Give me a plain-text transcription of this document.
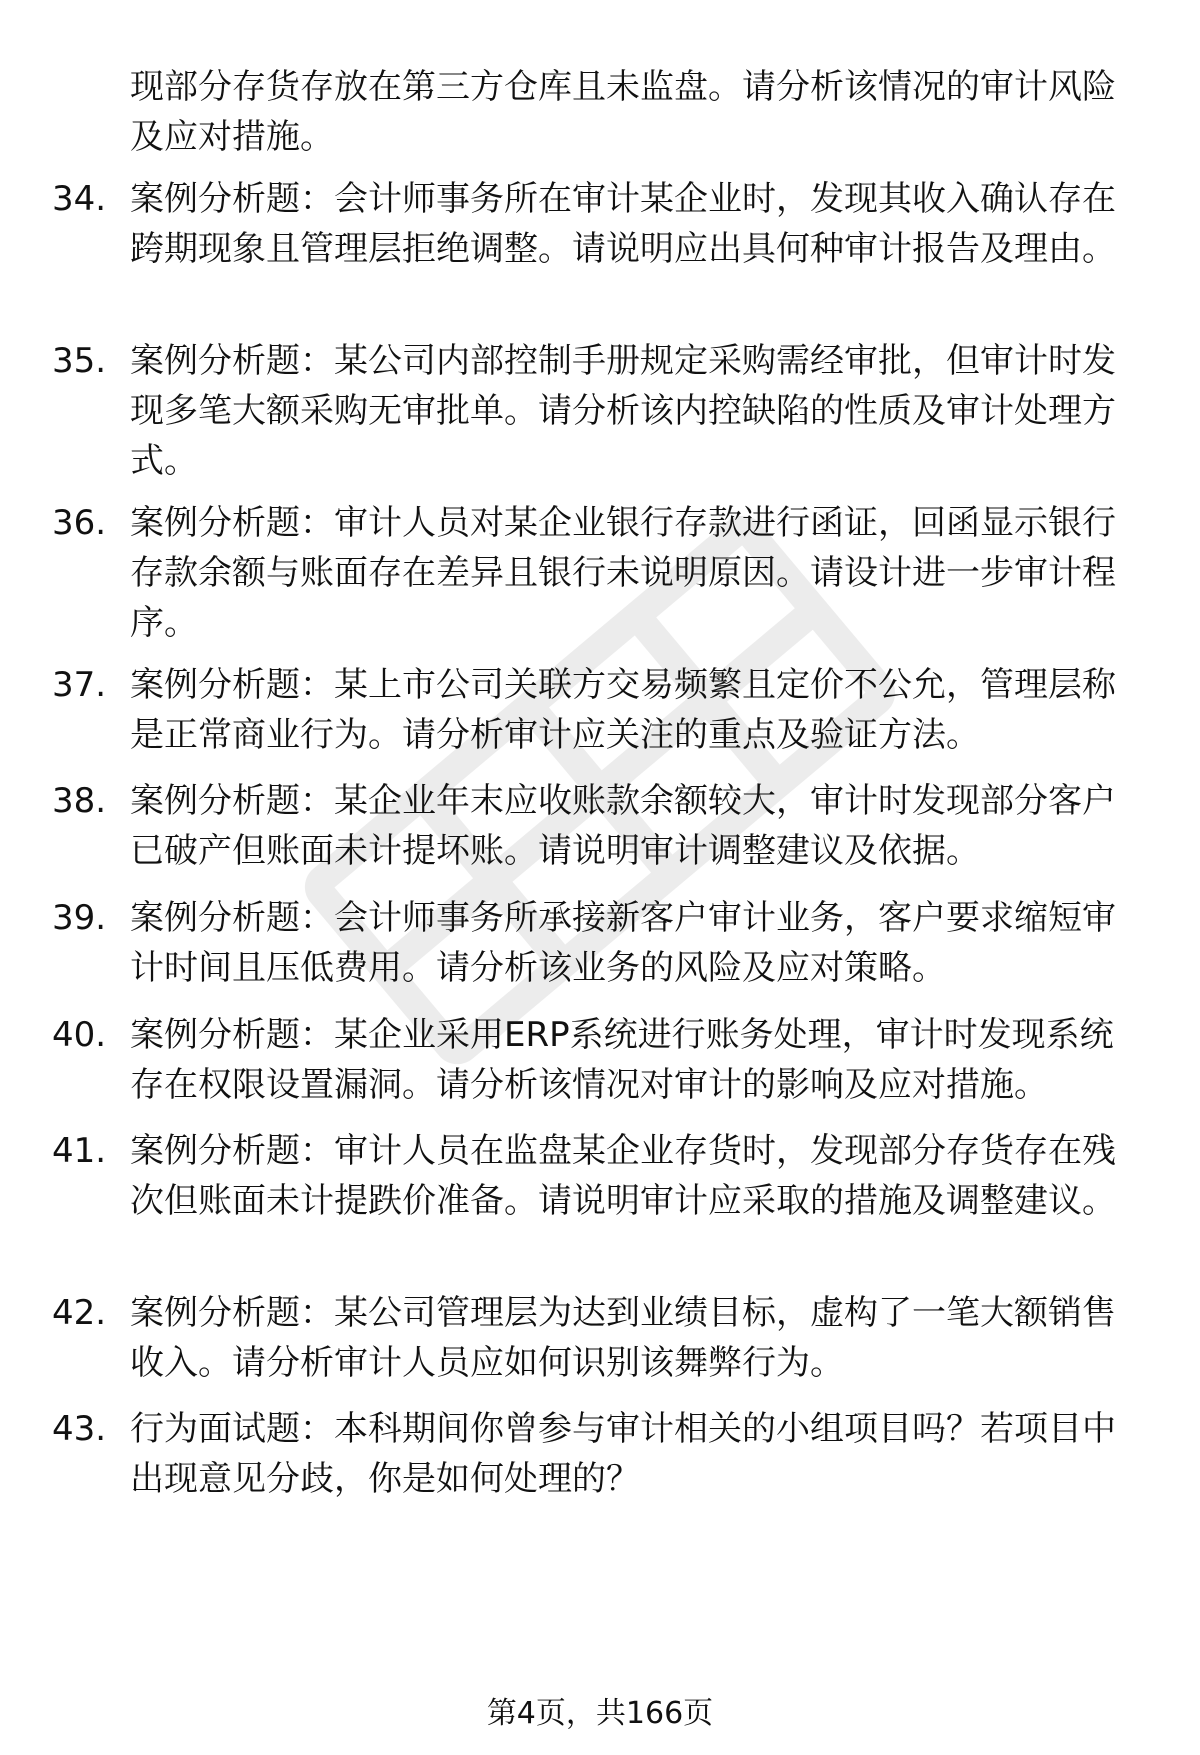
现部分存货存放在第三方仓库且未监盘。请分析该情况的审计风险及应对措施。

34. 案例分析题：会计师事务所在审计某企业时，发现其收入确认存在跨期现象且管理层拒绝调整。请说明应出具何种审计报告及理由。

35. 案例分析题：某公司内部控制手册规定采购需经审批，但审计时发现多笔大额采购无审批单。请分析该内控缺陷的性质及审计处理方式。

36. 案例分析题：审计人员对某企业银行存款进行函证，回函显示银行存款余额与账面存在差异且银行未说明原因。请设计进一步审计程序。

37. 案例分析题：某上市公司关联方交易频繁且定价不公允，管理层称是正常商业行为。请分析审计应关注的重点及验证方法。

38. 案例分析题：某企业年末应收账款余额较大，审计时发现部分客户已破产但账面未计提坏账。请说明审计调整建议及依据。

39. 案例分析题：会计师事务所承接新客户审计业务，客户要求缩短审计时间且压低费用。请分析该业务的风险及应对策略。

40. 案例分析题：某企业采用ERP系统进行账务处理，审计时发现系统存在权限设置漏洞。请分析该情况对审计的影响及应对措施。

41. 案例分析题：审计人员在监盘某企业存货时，发现部分存货存在残次但账面未计提跌价准备。请说明审计应采取的措施及调整建议。

42. 案例分析题：某公司管理层为达到业绩目标，虚构了一笔大额销售收入。请分析审计人员应如何识别该舞弊行为。

43. 行为面试题：本科期间你曾参与审计相关的小组项目吗？若项目中出现意见分歧，你是如何处理的？

第4页，共166页
